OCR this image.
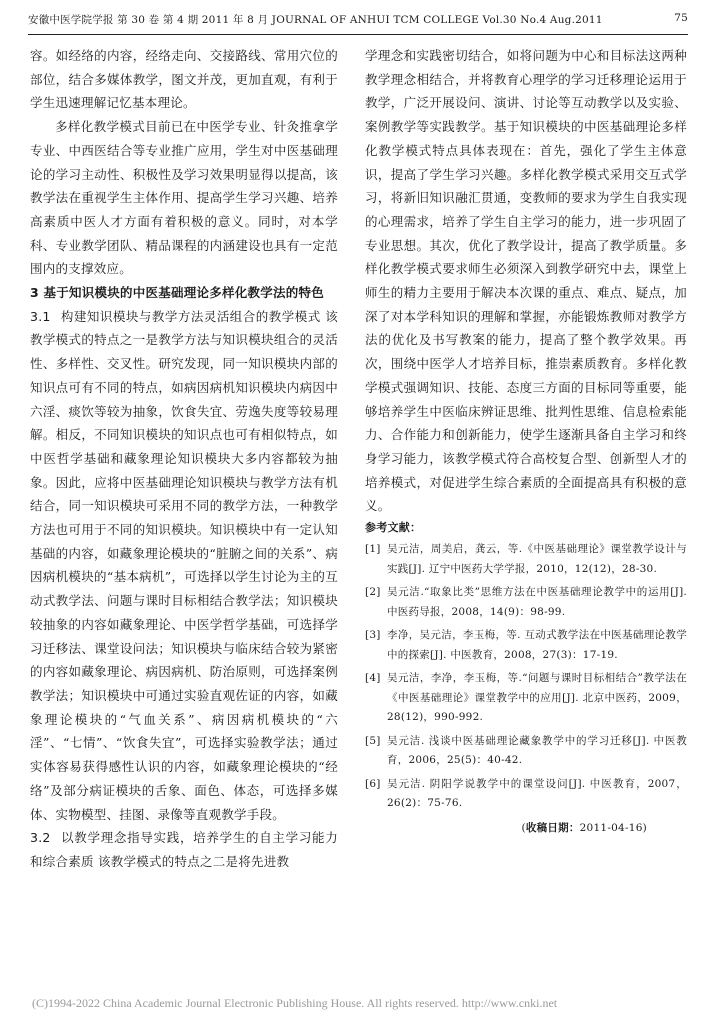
安徽中医学院学报 第 30 卷 第 4 期 2011 年 8 月 JOURNAL OF ANHUI TCM COLLEGE Vol.30 No.4 Aug.2011	75

容。如经络的内容，经络走向、交接路线、常用穴位的部位，结合多媒体教学，图文并茂，更加直观，有利于学生迅速理解记忆基本理论。

多样化教学模式目前已在中医学专业、针灸推拿学专业、中西医结合等专业推广应用，学生对中医基础理论的学习主动性、积极性及学习效果明显得以提高，该教学法在重视学生主体作用、提高学生学习兴趣、培养高素质中医人才方面有着积极的意义。同时，对本学科、专业教学团队、精品课程的内涵建设也具有一定范围内的支撑效应。

3 基于知识模块的中医基础理论多样化教学法的特色

3.1 构建知识模块与教学方法灵活组合的教学模式 该教学模式的特点之一是教学方法与知识模块组合的灵活性、多样性、交叉性。研究发现，同一知识模块内部的知识点可有不同的特点，如病因病机知识模块内病因中六淫、痰饮等较为抽象，饮食失宜、劳逸失度等较易理解。相反，不同知识模块的知识点也可有相似特点，如中医哲学基础和藏象理论知识模块大多内容都较为抽象。因此，应将中医基础理论知识模块与教学方法有机结合，同一知识模块可采用不同的教学方法，一种教学方法也可用于不同的知识模块。知识模块中有一定认知基础的内容，如藏象理论模块的“脏腑之间的关系”、病因病机模块的“基本病机”，可选择以学生讨论为主的互动式教学法、问题与课时目标相结合教学法；知识模块较抽象的内容如藏象理论、中医学哲学基础，可选择学习迁移法、课堂设问法；知识模块与临床结合较为紧密的内容如藏象理论、病因病机、防治原则，可选择案例教学法；知识模块中可通过实验直观佐证的内容，如藏象理论模块的“气血关系”、病因病机模块的“六淫”、“七情”、“饮食失宜”，可选择实验教学法；通过实体容易获得感性认识的内容，如藏象理论模块的“经络”及部分病证模块的舌象、面色、体态，可选择多媒体、实物模型、挂图、录像等直观教学手段。

3.2 以教学理念指导实践，培养学生的自主学习能力和综合素质 该教学模式的特点之二是将先进教

学理念和实践密切结合，如将问题为中心和目标法这两种教学理念相结合，并将教育心理学的学习迁移理论运用于教学，广泛开展设问、演讲、讨论等互动教学以及实验、案例教学等实践教学。基于知识模块的中医基础理论多样化教学模式特点具体表现在：首先，强化了学生主体意识，提高了学生学习兴趣。多样化教学模式采用交互式学习，将新旧知识融汇贯通，变教师的要求为学生自我实现的心理需求，培养了学生自主学习的能力，进一步巩固了专业思想。其次，优化了教学设计，提高了教学质量。多样化教学模式要求师生必须深入到教学研究中去，课堂上师生的精力主要用于解决本次课的重点、难点、疑点，加深了对本学科知识的理解和掌握，亦能锻炼教师对教学方法的优化及书写教案的能力，提高了整个教学效果。再次，围绕中医学人才培养目标，推崇素质教育。多样化教学模式强调知识、技能、态度三方面的目标同等重要，能够培养学生中医临床辨证思维、批判性思维、信息检索能力、合作能力和创新能力，使学生逐渐具备自主学习和终身学习能力，该教学模式符合高校复合型、创新型人才的培养模式，对促进学生综合素质的全面提高具有积极的意义。

参考文献：

[1] 吴元洁，周美启，龚云，等.《中医基础理论》课堂教学设计与实践[J]. 辽宁中医药大学学报，2010，12(12)，28-30.
[2] 吴元洁.“取象比类”思维方法在中医基础理论教学中的运用[J]. 中医药导报，2008，14(9)：98-99.
[3] 李净，吴元洁，李玉梅，等. 互动式教学法在中医基础理论教学中的探索[J]. 中医教育，2008，27(3)：17-19.
[4] 吴元洁，李净，李玉梅，等.“问题与课时目标相结合”教学法在《中医基础理论》课堂教学中的应用[J]. 北京中医药，2009，28(12)，990-992.
[5] 吴元洁. 浅谈中医基础理论藏象教学中的学习迁移[J]. 中医教育，2006，25(5)：40-42.
[6] 吴元洁. 阴阳学说教学中的课堂设问[J]. 中医教育，2007，26(2)：75-76.
(收稿日期：2011-04-16)
(C)1994-2022 China Academic Journal Electronic Publishing House. All rights reserved. http://www.cnki.net
